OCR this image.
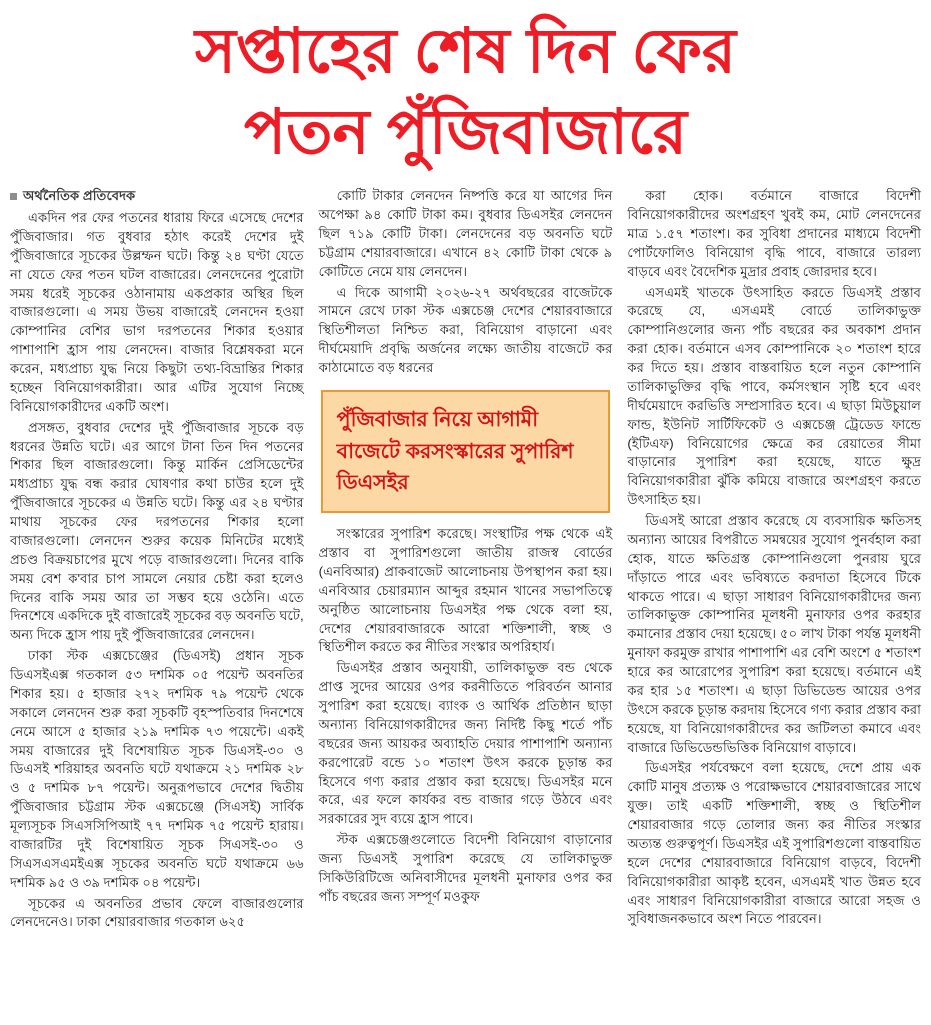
সপ্তাহের শেষ দিন ফের
পতন পুঁজিবাজারে
অর্থনৈতিক প্রতিবেদক

একদিন পর ফের পতনের ধারায় ফিরে এসেছে দেশের পুঁজিবাজার। গত বুধবার হঠাৎ করেই দেশের দুই পুঁজিবাজারে সূচকের উল্লম্ফন ঘটে। কিন্তু ২৪ ঘণ্টা যেতে না যেতে ফের পতন ঘটল বাজারের। লেনদেনের পুরোটা সময় ধরেই সূচকের ওঠানামায় একপ্রকার অস্থির ছিল বাজারগুলো। এ সময় উভয় বাজারেই লেনদেন হওয়া কোম্পানির বেশির ভাগ দরপতনের শিকার হওয়ার পাশাপাশি হ্রাস পায় লেনদেন। বাজার বিশ্লেষকরা মনে করেন, মধ্যপ্রাচ্য যুদ্ধ নিয়ে কিছুটা তথ্য-বিভ্রান্তির শিকার হচ্ছেন বিনিয়োগকারীরা। আর এটির সুযোগ নিচ্ছে বিনিয়োগকারীদের একটি অংশ।

প্রসঙ্গত, বুধবার দেশের দুই পুঁজিবাজার সূচকে বড় ধরনের উন্নতি ঘটে। এর আগে টানা তিন দিন পতনের শিকার ছিল বাজারগুলো। কিন্তু মার্কিন প্রেসিডেন্টের মধ্যপ্রাচ্য যুদ্ধ বন্ধ করার ঘোষণার কথা চাউর হলে দুই পুঁজিবাজারে সূচকের এ উন্নতি ঘটে। কিন্তু এর ২৪ ঘণ্টার মাথায় সূচকের ফের দরপতনের শিকার হলো বাজারগুলো। লেনদেন শুরুর কয়েক মিনিটের মধ্যেই প্রচণ্ড বিক্রয়চাপের মুখে পড়ে বাজারগুলো। দিনের বাকি সময় বেশ ক'বার চাপ সামলে নেয়ার চেষ্টা করা হলেও দিনের বাকি সময় আর তা সম্ভব হয়ে ওঠেনি। এতে দিনশেষে একদিকে দুই বাজারেই সূচকের বড় অবনতি ঘটে, অন্য দিকে হ্রাস পায় দুই পুঁজিবাজারের লেনদেন।

ঢাকা স্টক এক্সচেঞ্জের (ডিএসই) প্রধান সূচক ডিএসইএক্স গতকাল ৫৩ দশমিক ০৫ পয়েন্ট অবনতির শিকার হয়। ৫ হাজার ২৭২ দশমিক ৭৯ পয়েন্ট থেকে সকালে লেনদেন শুরু করা সূচকটি বৃহস্পতিবার দিনশেষে নেমে আসে ৫ হাজার ২১৯ দশমিক ৭৩ পয়েন্টে। একই সময় বাজারের দুই বিশেষায়িত সূচক ডিএসই-৩০ ও ডিএসই শরিয়াহর অবনতি ঘটে যথাক্রমে ২১ দশমিক ২৮ ও ৫ দশমিক ৮৭ পয়েন্ট। অনুরূপভাবে দেশের দ্বিতীয় পুঁজিবাজার চট্টগ্রাম স্টক এক্সচেঞ্জে (সিএসই) সার্বিক মূল্যসূচক সিএসসিপিআই ৭৭ দশমিক ৭৫ পয়েন্ট হারায়। বাজারটির দুই বিশেষায়িত সূচক সিএসই-৩০ ও সিএসএসএমইএক্স সূচকের অবনতি ঘটে যথাক্রমে ৬৬ দশমিক ৯৫ ও ৩৯ দশমিক ০৪ পয়েন্ট।

সূচকের এ অবনতির প্রভাব ফেলে বাজারগুলোর লেনদেনেও। ঢাকা শেয়ারবাজার গতকাল ৬২৫

কোটি টাকার লেনদেন নিষ্পত্তি করে যা আগের দিন অপেক্ষা ৯৪ কোটি টাকা কম। বুধবার ডিএসইর লেনদেন ছিল ৭১৯ কোটি টাকা। লেনদেনের বড় অবনতি ঘটে চট্টগ্রাম শেয়ারবাজারে। এখানে ৪২ কোটি টাকা থেকে ৯ কোটিতে নেমে যায় লেনদেন।

এ দিকে আগামী ২০২৬-২৭ অর্থবছরের বাজেটকে সামনে রেখে ঢাকা স্টক এক্সচেঞ্জ দেশের শেয়ারবাজারে স্থিতিশীলতা নিশ্চিত করা, বিনিয়োগ বাড়ানো এবং দীর্ঘমেয়াদি প্রবৃদ্ধি অর্জনের লক্ষ্যে জাতীয় বাজেটে কর কাঠামোতে বড় ধরনের

পুঁজিবাজার নিয়ে আগামী বাজেটে করসংস্কারের সুপারিশ ডিএসইর

সংস্কারের সুপারিশ করেছে। সংস্থাটির পক্ষ থেকে এই প্রস্তাব বা সুপারিশগুলো জাতীয় রাজস্ব বোর্ডের (এনবিআর) প্রাকবাজেট আলোচনায় উপস্থাপন করা হয়। এনবিআর চেয়ারম্যান আব্দুর রহমান খানের সভাপতিত্বে অনুষ্ঠিত আলোচনায় ডিএসইর পক্ষ থেকে বলা হয়, দেশের শেয়ারবাজারকে আরো শক্তিশালী, স্বচ্ছ ও স্থিতিশীল করতে কর নীতির সংস্কার অপরিহার্য।

ডিএসইর প্রস্তাব অনুযায়ী, তালিকাভুক্ত বন্ড থেকে প্রাপ্ত সুদের আয়ের ওপর করনীতিতে পরিবর্তন আনার সুপারিশ করা হয়েছে। ব্যাংক ও আর্থিক প্রতিষ্ঠান ছাড়া অন্যান্য বিনিয়োগকারীদের জন্য নির্দিষ্ট কিছু শর্তে পাঁচ বছরের জন্য আয়কর অব্যাহতি দেয়ার পাশাপাশি অন্যান্য করপোরেট বন্ডে ১০ শতাংশ উৎস করকে চূড়ান্ত কর হিসেবে গণ্য করার প্রস্তাব করা হয়েছে। ডিএসইর মনে করে, এর ফলে কার্যকর বন্ড বাজার গড়ে উঠবে এবং সরকারের সুদ ব্যয়ে হ্রাস পাবে।

স্টক এক্সচেঞ্জগুলোতে বিদেশী বিনিয়োগ বাড়ানোর জন্য ডিএসই সুপারিশ করেছে যে তালিকাভুক্ত সিকিউরিটিজে অনিবাসীদের মূলধনী মুনাফার ওপর কর পাঁচ বছরের জন্য সম্পূর্ণ মওকুফ

করা হোক। বর্তমানে বাজারে বিদেশী বিনিয়োগকারীদের অংশগ্রহণ খুবই কম, মোট লেনদেনের মাত্র ১.৫৭ শতাংশ। কর সুবিধা প্রদানের মাধ্যমে বিদেশী পোর্টফোলিও বিনিয়োগ বৃদ্ধি পাবে, বাজারে তারল্য বাড়বে এবং বৈদেশিক মুদ্রার প্রবাহ জোরদার হবে।

এসএমই খাতকে উৎসাহিত করতে ডিএসই প্রস্তাব করেছে যে, এসএমই বোর্ডে তালিকাভুক্ত কোম্পানিগুলোর জন্য পাঁচ বছরের কর অবকাশ প্রদান করা হোক। বর্তমানে এসব কোম্পানিকে ২০ শতাংশ হারে কর দিতে হয়। প্রস্তাব বাস্তবায়িত হলে নতুন কোম্পানি তালিকাভুক্তির বৃদ্ধি পাবে, কর্মসংস্থান সৃষ্টি হবে এবং দীর্ঘমেয়াদে করভিত্তি সম্প্রসারিত হবে। এ ছাড়া মিউচুয়াল ফান্ড, ইউনিট সার্টিফিকেট ও এক্সচেঞ্জ ট্রেডেড ফান্ডে (ইটিএফ) বিনিয়োগের ক্ষেত্রে কর রেয়াতের সীমা বাড়ানোর সুপারিশ করা হয়েছে, যাতে ক্ষুদ্র বিনিয়োগকারীরা ঝুঁকি কমিয়ে বাজারে অংশগ্রহণ করতে উৎসাহিত হয়।

ডিএসই আরো প্রস্তাব করেছে যে ব্যবসায়িক ক্ষতিসহ অন্যান্য আয়ের বিপরীতে সমন্বয়ের সুযোগ পুনর্বহাল করা হোক, যাতে ক্ষতিগ্রস্ত কোম্পানিগুলো পুনরায় ঘুরে দাঁড়াতে পারে এবং ভবিষ্যতে করদাতা হিসেবে টিকে থাকতে পারে। এ ছাড়া সাধারণ বিনিয়োগকারীদের জন্য তালিকাভুক্ত কোম্পানির মূলধনী মুনাফার ওপর করহার কমানোর প্রস্তাব দেয়া হয়েছে। ৫০ লাখ টাকা পর্যন্ত মূলধনী মুনাফা করমুক্ত রাখার পাশাপাশি এর বেশি অংশে ৫ শতাংশ হারে কর আরোপের সুপারিশ করা হয়েছে। বর্তমানে এই কর হার ১৫ শতাংশ। এ ছাড়া ডিভিডেন্ড আয়ের ওপর উৎসে করকে চূড়ান্ত করদায় হিসেবে গণ্য করার প্রস্তাব করা হয়েছে, যা বিনিয়োগকারীদের কর জটিলতা কমাবে এবং বাজারে ডিভিডেন্ডভিত্তিক বিনিয়োগ বাড়াবে।

ডিএসইর পর্যবেক্ষণে বলা হয়েছে, দেশে প্রায় এক কোটি মানুষ প্রত্যক্ষ ও পরোক্ষভাবে শেয়ারবাজারের সাথে যুক্ত। তাই একটি শক্তিশালী, স্বচ্ছ ও স্থিতিশীল শেয়ারবাজার গড়ে তোলার জন্য কর নীতির সংস্কার অত্যন্ত গুরুত্বপূর্ণ। ডিএসইর এই সুপারিশগুলো বাস্তবায়িত হলে দেশের শেয়ারবাজারে বিনিয়োগ বাড়বে, বিদেশী বিনিয়োগকারীরা আকৃষ্ট হবেন, এসএমই খাত উন্নত হবে এবং সাধারণ বিনিয়োগকারীরা বাজারে আরো সহজ ও সুবিধাজনকভাবে অংশ নিতে পারবেন।
